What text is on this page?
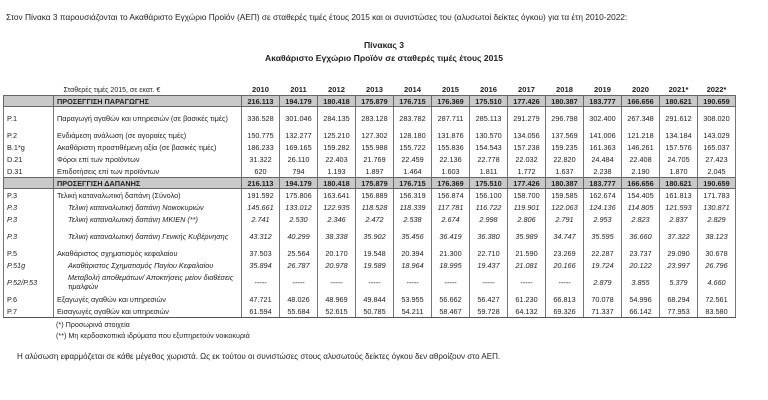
Στον Πίνακα 3 παρουσιάζονται το Ακαθάριστο Εγχώριο Προϊόν (ΑΕΠ) σε σταθερές τιμές έτους 2015 και οι συνιστώσες του (αλυσωτοί δείκτες όγκου) για τα έτη 2010-2022:
Πίνακας 3
Ακαθάριστο Εγχώριο Προϊόν σε σταθερές τιμές έτους 2015
	Σταθερές τιμές 2015, σε εκατ. €	2010	2011	2012	2013	2014	2015	2016	2017	2018	2019	2020	2021*	2022*
	ΠΡΟΣΕΓΓΙΣΗ ΠΑΡΑΓΩΓΗΣ	216.113	194.179	180.418	175.879	176.715	176.369	175.510	177.426	180.387	183.777	166.656	180.621	190.659
P.1	Παραγωγή αγαθών και υπηρεσιών (σε βασικές τιμές)	336.528	301.046	284.135	283.128	283.782	287.711	285.113	291.279	296.798	302.400	267.348	291.612	308.020
P.2	Ενδιάμεση ανάλωση (σε αγοραίες τιμές)	150.775	132.277	125.210	127.302	128.180	131.876	130.570	134.056	137.569	141.006	121.218	134.184	143.029
B.1*g	Ακαθάριστη προστιθέμενη αξία (σε βασικές τιμές)	186.233	169.165	159.282	155.988	155.722	155.836	154.543	157.238	159.235	161.363	146.261	157.576	165.037
D.21	Φόροι επί των προϊόντων	31.322	26.110	22.403	21.769	22.459	22.136	22.778	22.032	22.820	24.484	22.408	24.705	27.423
D.31	Επιδοτήσεις επί των προϊόντων	620	794	1.193	1.897	1.464	1.603	1.811	1.772	1.637	2.238	2.190	1.870	2.045
	ΠΡΟΣΕΓΓΙΣΗ ΔΑΠΑΝΗΣ	216.113	194.179	180.418	175.879	176.715	176.369	175.510	177.426	180.387	183.777	166.656	180.621	190.659
P.3	Τελική καταναλωτική δαπάνη (Σύνολο)	191.592	175.806	163.641	156.889	156.319	156.874	156.100	158.700	159.585	162.674	154.405	161.813	171.783
P.3	Τελική καταναλωτική δαπάνη Νοικοκυριών	145.661	133.012	122.935	118.528	118.339	117.781	116.722	119.901	122.063	124.136	114.805	121.593	130.871
P.3	Τελική καταναλωτική δαπάνη ΜΚΙΕΝ (**)	2.741	2.530	2.346	2.472	2.538	2.674	2.998	2.806	2.791	2.953	2.823	2.837	2.829
P.3	Τελική καταναλωτική δαπάνη Γενικής Κυβέρνησης	43.312	40.299	38.338	35.902	35.456	36.419	36.380	35.989	34.747	35.595	36.660	37.322	38.123
P.5	Ακαθάριστος σχηματισμός κεφαλαίου	37.503	25.564	20.170	19.548	20.394	21.300	22.710	21.590	23.269	22.287	23.737	29.090	30.678
P.51g	Ακαθάριστος Σχηματισμός Παγίου Κεφαλαίου	35.894	26.787	20.978	19.589	18.964	18.995	19.437	21.081	20.166	19.724	20.122	23.997	26.796
P.52/P.53	Μεταβολή αποθεμάτων/ Αποκτήσεις μείον διαθέσεις τιμαλφών	-----	-----	-----	-----	-----	-----	-----	-----	-----	2.879	3.855	5.379	4.660
P.6	Εξαγωγές αγαθών και υπηρεσιών	47.721	48.026	48.969	49.844	53.955	56.662	56.427	61.230	66.813	70.078	54.996	68.294	72.561
P.7	Εισαγωγές αγαθών και υπηρεσιών	61.594	55.684	52.615	50.785	54.211	58.467	59.728	64.132	69.326	71.337	66.142	77.953	83.580
(*) Προσωρινά στοιχεία
(**) Μη κερδοσκοπικά ιδρύματα που εξυπηρετούν νοικοκυριά
Η αλύσωση εφαρμόζεται σε κάθε μέγεθος χωριστά. Ως εκ τούτου οι συνιστώσες στους αλυσωτούς δείκτες όγκου δεν αθροίζουν στο ΑΕΠ.
